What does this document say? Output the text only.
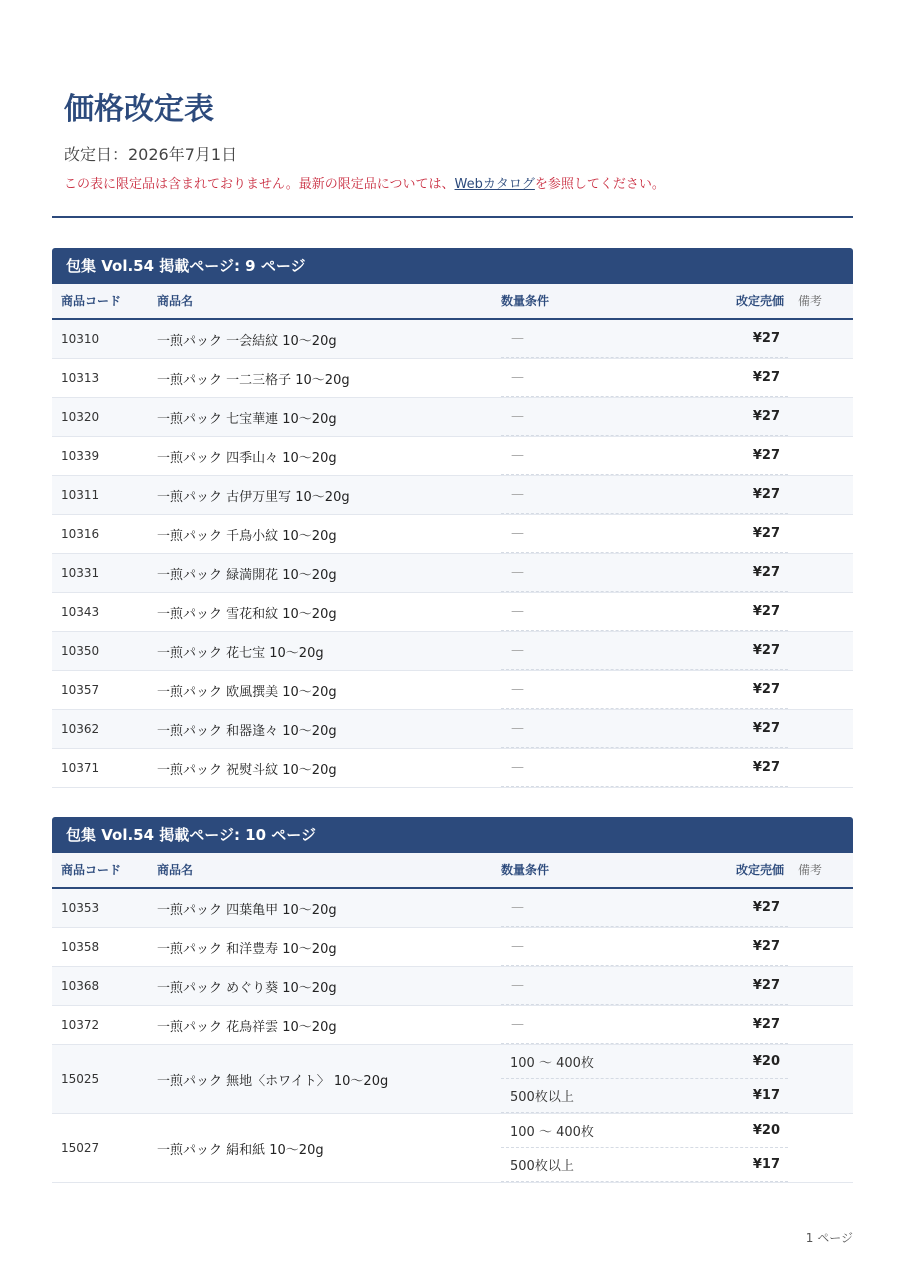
価格改定表
改定日：2026年7月1日
この表に限定品は含まれておりません。最新の限定品については、Webカタログを参照してください。
包集 Vol.54 掲載ページ: 9 ページ
商品コード	商品名	数量条件	改定売価 備考
10310	一煎パック 一会結紋 10〜20g	—	¥27
10313	一煎パック 一二三格子 10〜20g	—	¥27
10320	一煎パック 七宝華連 10〜20g	—	¥27
10339	一煎パック 四季山々 10〜20g	—	¥27
10311	一煎パック 古伊万里写 10〜20g	—	¥27
10316	一煎パック 千鳥小紋 10〜20g	—	¥27
10331	一煎パック 緑満開花 10〜20g	—	¥27
10343	一煎パック 雪花和紋 10〜20g	—	¥27
10350	一煎パック 花七宝 10〜20g	—	¥27
10357	一煎パック 欧風撰美 10〜20g	—	¥27
10362	一煎パック 和器逢々 10〜20g	—	¥27
10371	一煎パック 祝熨斗紋 10〜20g	—	¥27
包集 Vol.54 掲載ページ: 10 ページ
商品コード	商品名	数量条件	改定売価 備考
10353	一煎パック 四葉亀甲 10〜20g	—	¥27
10358	一煎パック 和洋豊寿 10〜20g	—	¥27
10368	一煎パック めぐり葵 10〜20g	—	¥27
10372	一煎パック 花鳥祥雲 10〜20g	—	¥27
15025	一煎パック 無地〈ホワイト〉 10〜20g
100 〜 400枚	¥20
500枚以上	¥17
15027	一煎パック 絹和紙 10〜20g
100 〜 400枚	¥20
500枚以上	¥17
1 ページ
